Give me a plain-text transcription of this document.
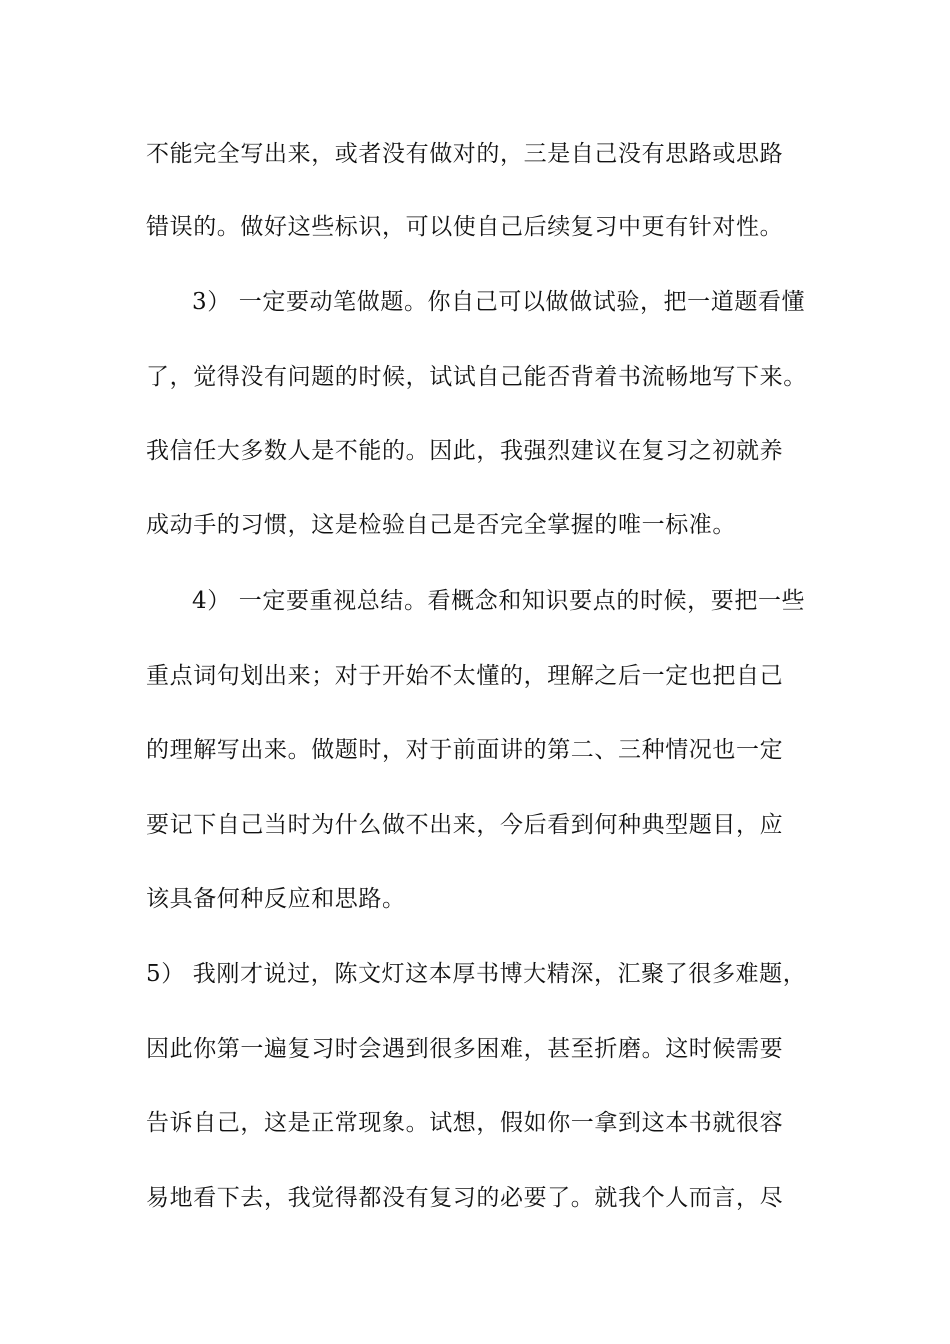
不能完全写出来，或者没有做对的，三是自己没有思路或思路
错误的。做好这些标识，可以使自己后续复习中更有针对性。
3） 一定要动笔做题。你自己可以做做试验，把一道题看懂
了，觉得没有问题的时候，试试自己能否背着书流畅地写下来。
我信任大多数人是不能的。因此，我强烈建议在复习之初就养
成动手的习惯，这是检验自己是否完全掌握的唯一标准。
4） 一定要重视总结。看概念和知识要点的时候，要把一些
重点词句划出来；对于开始不太懂的，理解之后一定也把自己
的理解写出来。做题时，对于前面讲的第二、三种情况也一定
要记下自己当时为什么做不出来，今后看到何种典型题目，应
该具备何种反应和思路。
5） 我刚才说过，陈文灯这本厚书博大精深，汇聚了很多难题，
因此你第一遍复习时会遇到很多困难，甚至折磨。这时候需要
告诉自己，这是正常现象。试想，假如你一拿到这本书就很容
易地看下去，我觉得都没有复习的必要了。就我个人而言，尽
